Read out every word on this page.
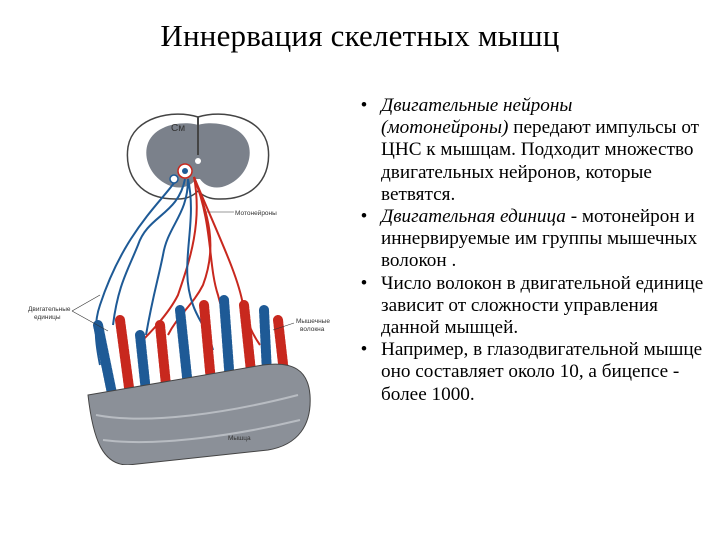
Иннервация скелетных мышц
См
Мотонейроны
Мышца
Двигательные
единицы
Мышечные
волокна
• Двигательные нейроны (мотонейроны) передают импульсы от ЦНС к мышцам. Подходит множество двигательных нейронов, которые ветвятся.
• Двигательная единица - мотонейрон и иннервируемые им группы мышечных волокон .
• Число волокон в двигательной единице зависит от сложности управления данной мышцей.
• Например, в глазодвигательной мышце оно составляет около 10, а бицепсе - более 1000.
